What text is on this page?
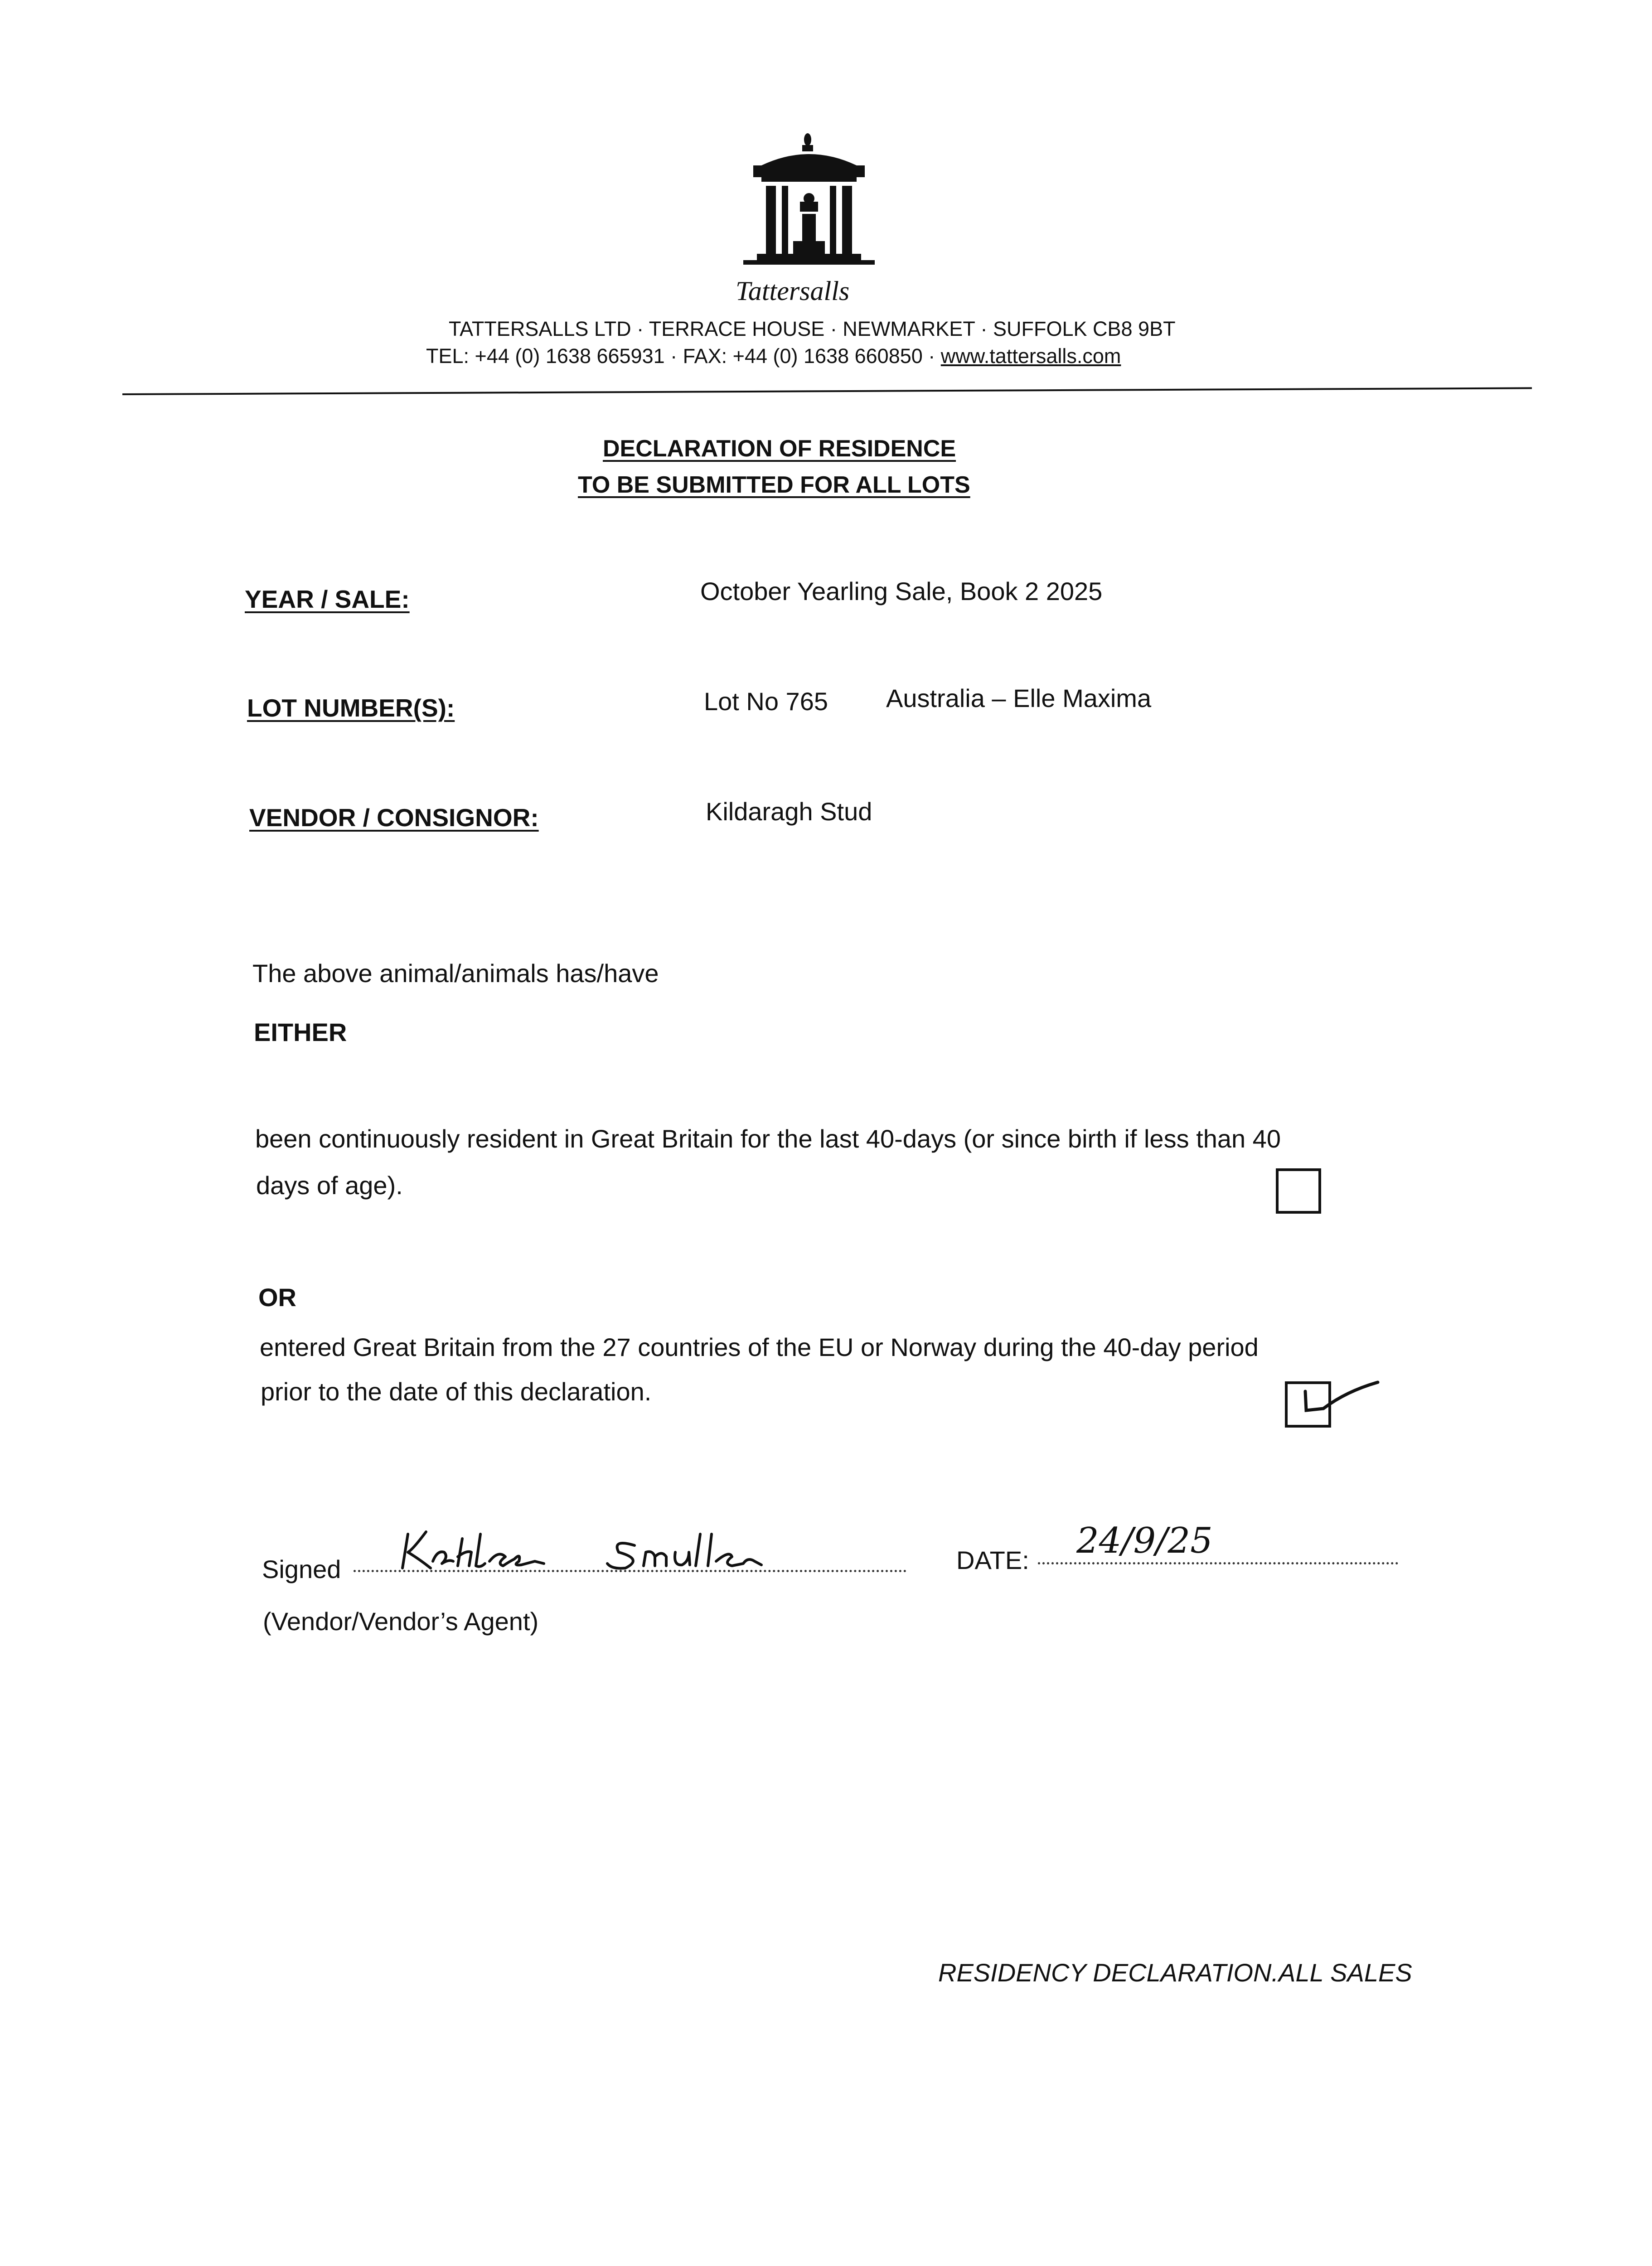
Tattersalls
TATTERSALLS LTD · TERRACE HOUSE · NEWMARKET · SUFFOLK CB8 9BT
TEL: +44 (0) 1638 665931 · FAX: +44 (0) 1638 660850 · www.tattersalls.com
DECLARATION OF RESIDENCE
TO BE SUBMITTED FOR ALL LOTS
YEAR / SALE:	October Yearling Sale, Book 2 2025
LOT NUMBER(S):	Lot No 765 Australia – Elle Maxima
VENDOR / CONSIGNOR:	Kildaragh Stud
The above animal/animals has/have
EITHER
been continuously resident in Great Britain for the last 40-days (or since birth if less than 40
days of age).
OR
entered Great Britain from the 27 countries of the EU or Norway during the 40-day period
prior to the date of this declaration.
Signed	DATE: 24/9/25
(Vendor/Vendor’s Agent)
RESIDENCY DECLARATION.ALL SALES
